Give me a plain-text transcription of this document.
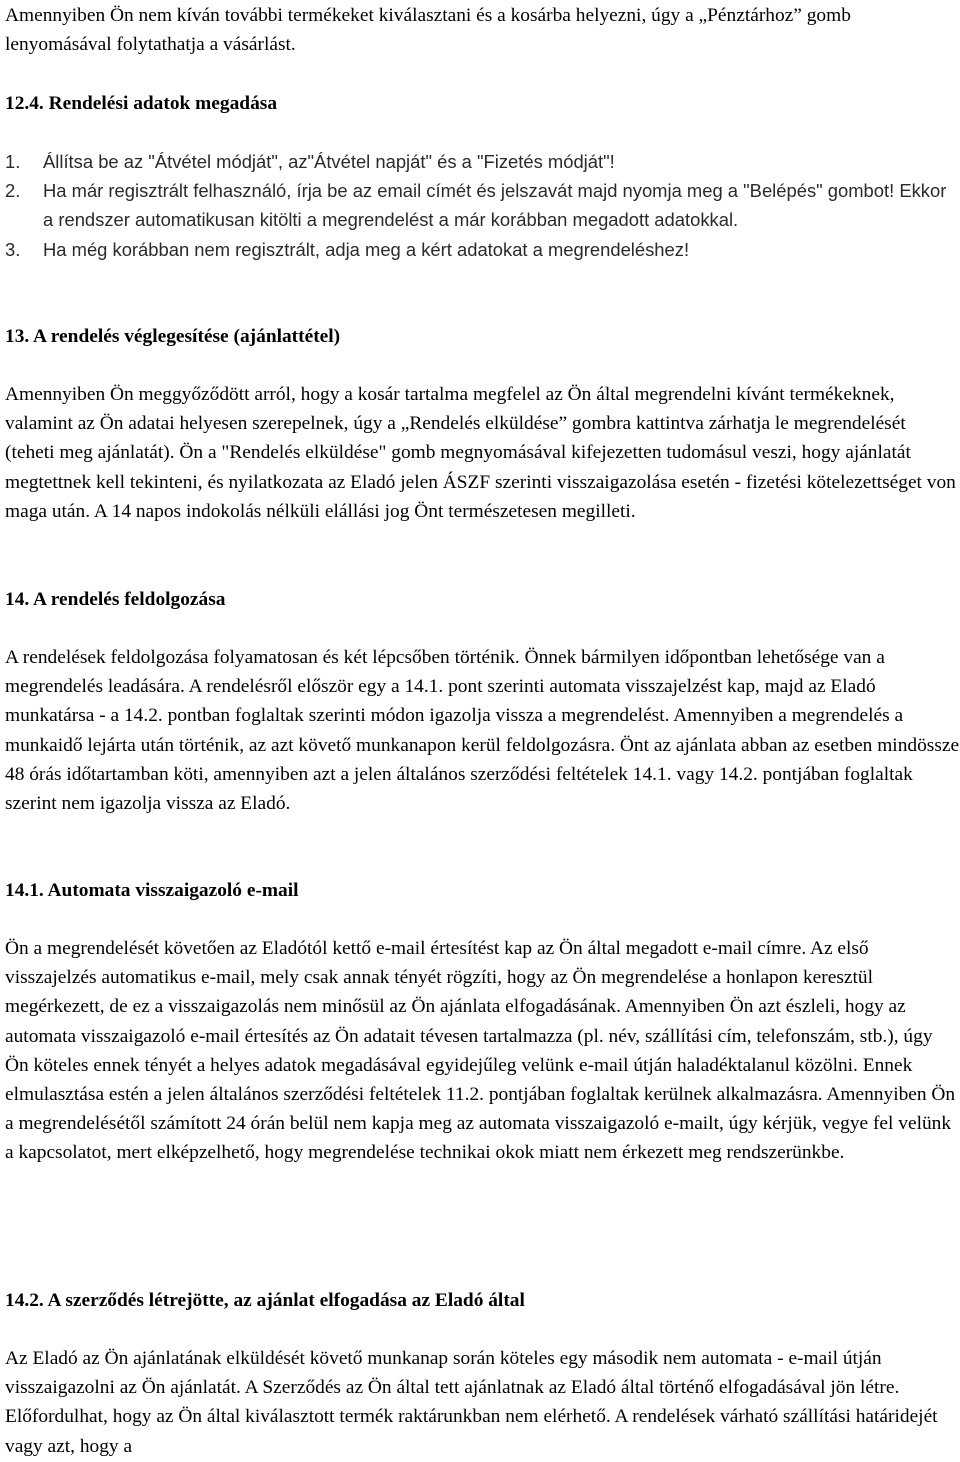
Amennyiben Ön nem kíván további termékeket kiválasztani és a kosárba helyezni, úgy a „Pénztárhoz” gomb lenyomásával folytathatja a vásárlást.

12.4. Rendelési adatok megadása
1. Állítsa be az "Átvétel módját", az"Átvétel napját" és a "Fizetés módját"!
2. Ha már regisztrált felhasználó, írja be az email címét és jelszavát majd nyomja meg a "Belépés" gombot! Ekkor a rendszer automatikusan kitölti a megrendelést a már korábban megadott adatokkal.
3. Ha még korábban nem regisztrált, adja meg a kért adatokat a megrendeléshez!
13. A rendelés véglegesítése (ajánlattétel)

Amennyiben Ön meggyőződött arról, hogy a kosár tartalma megfelel az Ön által megrendelni kívánt termékeknek, valamint az Ön adatai helyesen szerepelnek, úgy a „Rendelés elküldése” gombra kattintva zárhatja le megrendelését (teheti meg ajánlatát). Ön a "Rendelés elküldése" gomb megnyomásával kifejezetten tudomásul veszi, hogy ajánlatát megtettnek kell tekinteni, és nyilatkozata az Eladó jelen ÁSZF szerinti visszaigazolása esetén - fizetési kötelezettséget von maga után. A 14 napos indokolás nélküli elállási jog Önt természetesen megilleti.

14. A rendelés feldolgozása

A rendelések feldolgozása folyamatosan és két lépcsőben történik. Önnek bármilyen időpontban lehetősége van a megrendelés leadására. A rendelésről először egy a 14.1. pont szerinti automata visszajelzést kap, majd az Eladó munkatársa - a 14.2. pontban foglaltak szerinti módon igazolja vissza a megrendelést. Amennyiben a megrendelés a munkaidő lejárta után történik, az azt követő munkanapon kerül feldolgozásra. Önt az ajánlata abban az esetben mindössze 48 órás időtartamban köti, amennyiben azt a jelen általános szerződési feltételek 14.1. vagy 14.2. pontjában foglaltak szerint nem igazolja vissza az Eladó.

14.1. Automata visszaigazoló e-mail

Ön a megrendelését követően az Eladótól kettő e-mail értesítést kap az Ön által megadott e-mail címre. Az első visszajelzés automatikus e-mail, mely csak annak tényét rögzíti, hogy az Ön megrendelése a honlapon keresztül megérkezett, de ez a visszaigazolás nem minősül az Ön ajánlata elfogadásának. Amennyiben Ön azt észleli, hogy az automata visszaigazoló e-mail értesítés az Ön adatait tévesen tartalmazza (pl. név, szállítási cím, telefonszám, stb.), úgy Ön köteles ennek tényét a helyes adatok megadásával egyidejűleg velünk e-mail útján haladéktalanul közölni. Ennek elmulasztása estén a jelen általános szerződési feltételek 11.2. pontjában foglaltak kerülnek alkalmazásra. Amennyiben Ön a megrendelésétől számított 24 órán belül nem kapja meg az automata visszaigazoló e-mailt, úgy kérjük, vegye fel velünk a kapcsolatot, mert elképzelhető, hogy megrendelése technikai okok miatt nem érkezett meg rendszerünkbe.

14.2. A szerződés létrejötte, az ajánlat elfogadása az Eladó által

Az Eladó az Ön ajánlatának elküldését követő munkanap során köteles egy második nem automata - e-mail útján visszaigazolni az Ön ajánlatát. A Szerződés az Ön által tett ajánlatnak az Eladó által történő elfogadásával jön létre. Előfordulhat, hogy az Ön által kiválasztott termék raktárunkban nem elérhető. A rendelések várható szállítási határidejét vagy azt, hogy a
